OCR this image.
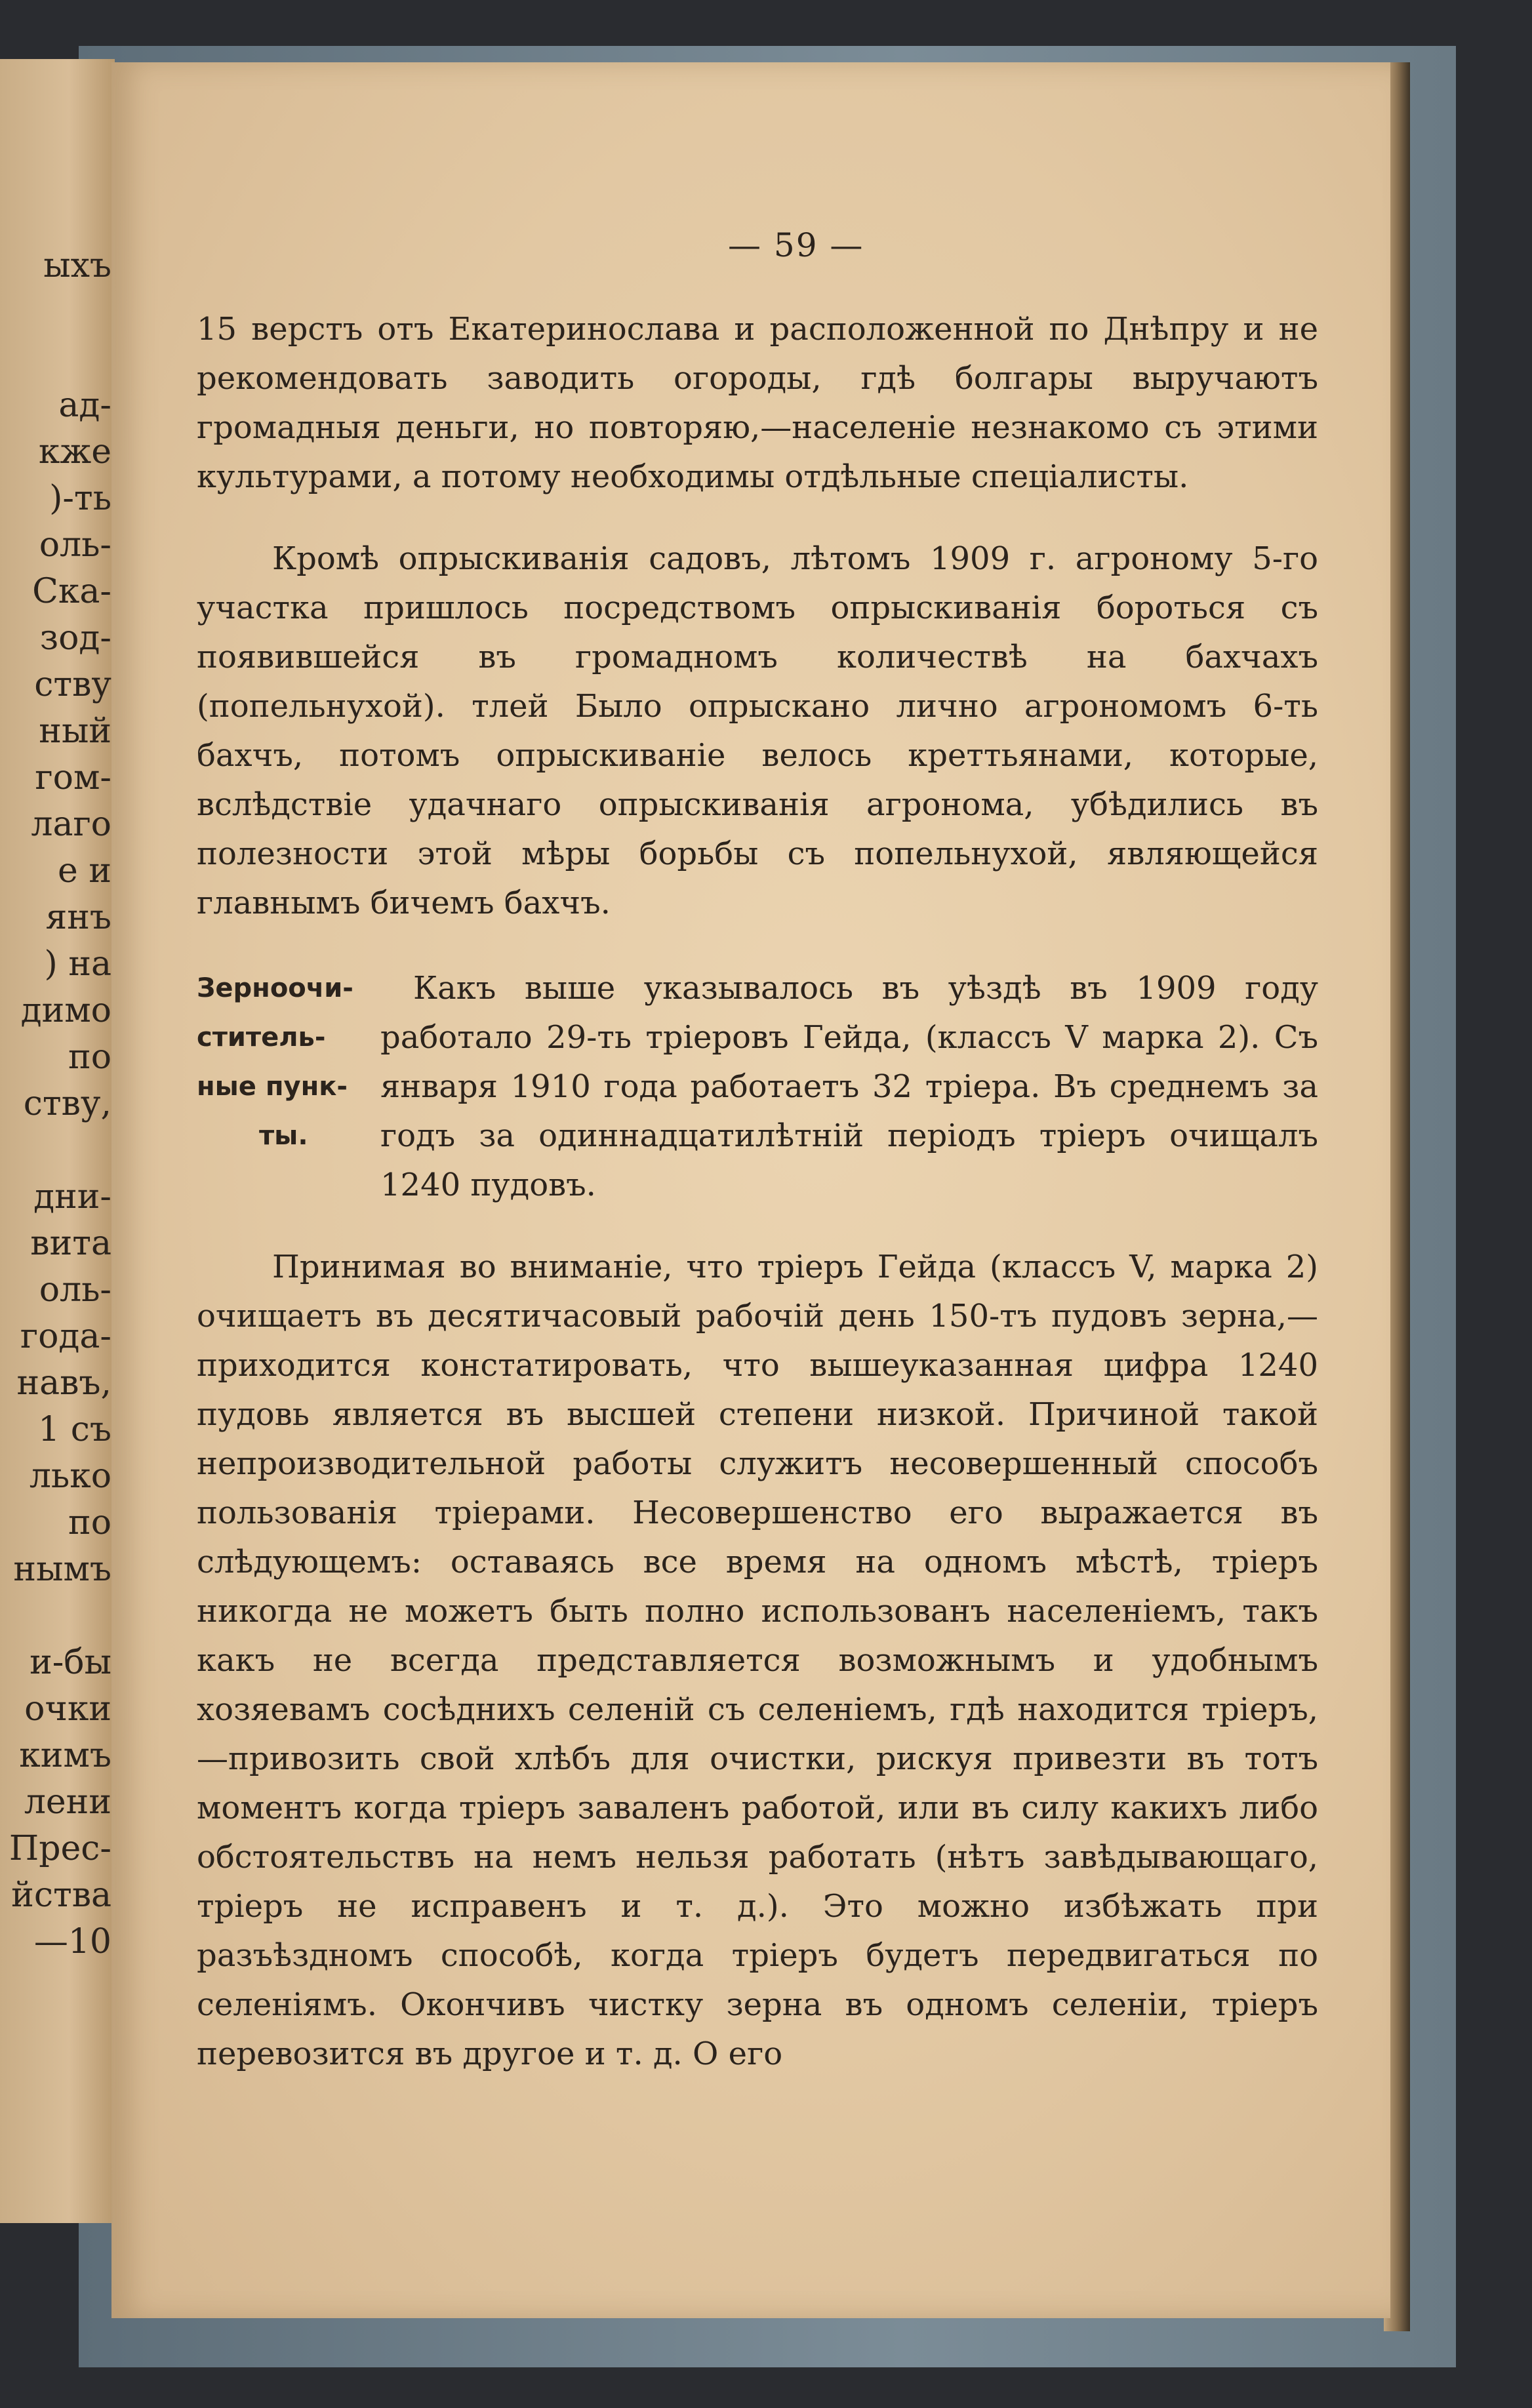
ыхъ
ад-
кже
)-ть
оль-
Ска-
зод-
ству
ный
гом-
лаго
е и
янъ
) на
димо
по
ству,
дни-
вита
оль-
года-
навъ,
1 съ
лько
по
нымъ
и-бы
очки
кимъ
лени
Прес-
йства
—10
— 59 —

15 верстъ отъ Екатеринослава и расположенной по Днѣпру и не рекомендовать заводить огороды, гдѣ болгары выручаютъ громадныя деньги, но повторяю,—населеніе незнакомо съ этими культурами, а потому необходимы отдѣльные спеціалисты.

Кромѣ опрыскиванія садовъ, лѣтомъ 1909 г. агроному 5-го участка пришлось посредствомъ опрыскиванія бороться съ появившейся въ громадномъ количествѣ на бахчахъ (попельнухой). тлей Было опрыскано лично агрономомъ 6-ть бахчъ, потомъ опрыскиваніе велось креттьянами, которые, вслѣдствіе удачнаго опрыскиванія агронома, убѣдились въ полезности этой мѣры борьбы съ попельнухой, являющейся главнымъ бичемъ бахчъ.

Зерноочи-
ститель-
ные пунк-
ты.

Какъ выше указывалось въ уѣздѣ въ 1909 году работало 29-ть тріеровъ Гейда, (классъ V марка 2). Съ января 1910 года работаетъ 32 тріера. Въ среднемъ за годъ за одиннадцатилѣтній періодъ тріеръ очищалъ 1240 пудовъ.

Принимая во вниманіе, что тріеръ Гейда (классъ V, марка 2) очищаетъ въ десятичасовый рабочій день 150-тъ пудовъ зерна,—приходится констатировать, что вышеуказанная цифра 1240 пудовь является въ высшей степени низкой. Причиной такой непроизводительной работы служитъ несовершенный способъ пользованія тріерами. Несовершенство его выражается въ слѣдующемъ: оставаясь все время на одномъ мѣстѣ, тріеръ никогда не можетъ быть полно использованъ населеніемъ, такъ какъ не всегда представляется возможнымъ и удобнымъ хозяевамъ сосѣднихъ селеній съ селеніемъ, гдѣ находится тріеръ,—привозить свой хлѣбъ для очистки, рискуя привезти въ тотъ моментъ когда тріеръ заваленъ работой, или въ силу какихъ либо обстоятельствъ на немъ нельзя работать (нѣтъ завѣдывающаго, тріеръ не исправенъ и т. д.). Это можно избѣжать при разъѣздномъ способѣ, когда тріеръ будетъ передвигаться по селеніямъ. Окончивъ чистку зерна въ одномъ селеніи, тріеръ перевозится въ другое и т. д. О его
